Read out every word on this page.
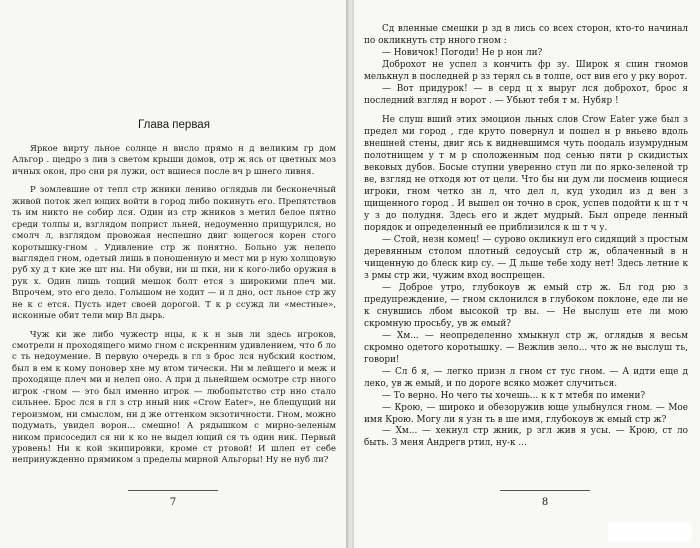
Глава первая

Яркое вирту льное солнце н вислo прямо н д великим гр дом Альгор . щедро з лив з светом крыши домов, отр ж ясь от цветных моз ичных окон, про сни ря лужи, ост вшиеся после вч р шнего ливня.

Р зомлевшие от тепл стр жники лениво оглядыв ли бесконечный живой поток жел ющих войти в город либо покинуть его. Препятствов ть им никто не собир лся. Один из стр жников з метил белое пятно среди толпы и, взглядом поприст льней, недоуменно прищурился, но смолч л, взглядом провожая неспешно двиг ющегося корен стого коротышку-гном . Удивление стр ж понятно. Больно уж нелепо выглядел гном, одетый лишь в поношенную и мест ми р ную холщовую руб ху д т кие же шт ны. Ни обуви, ни ш пки, ни к кого-либо оружия в рук х. Один лишь тощий мешок болт ется з широкими плеч ми. Впрочем, это его дело. Голышом не ходит — и л дно, ост льное стр жу не к с ется. Пусть идет своей дорогой. Т к р ссужд ли «местные», исконные обит тели мир Вл дырь.

Чуж ки же либо чужестр нцы, к к н зыв ли здесь игроков, смотрели н проходящего мимо гном с искренним удивлением, что б ло с ть недоумение. В первую очередь в гл з брос лся нубский костюм, был в ем к кому поновер хне му втом тически. Ни м лейшего и меж и проходяще плеч ми и нелеп оно. А при д льнейшем осмотре стр нного игрок -гном — это был именно игрок — любопытство стр нно стало сильнее. Брос лся в гл з стр нный ник «Crow Eater», не блещущий ни героизмом, ни смыслом, ни д же оттенком экзотичности. Гном, можно подумать, увидел ворон... смешно! А рядышком с мирно-зеленым ником присоседил ся ни к ко не выдел ющий ся ть один ник. Первый уровень! Ни к кой экипировки, кроме ст ртовой! И шлеп ет себе непринужденно прямиком з пределы мирной Альгоры! Ну не нуб ли?

7

Сд вленные смешки р зд в лись со всех сторон, кто-то начинал по окликнуть стр нного гном :

— Новичок! Погоди! Не р нон ли?

Доброхот не успел з кончить фр зу. Широк я спин гномов мелькнул в последней р зз терял сь в толпе, ост вив его у рку ворот.

— Вот придурок! — в серд ц х выруг лся доброхот, брос я последний взгляд н ворот . — Убьют тебя т м. Нубяр !

Не слуш вший этих эмоцион льных слов Crow Eater уже был з предел ми город , где круто повернул и пошел н р вньево вдоль внешней стены, двиг ясь к видневшимся чуть поодаль изумрудным полотнищем у т м р сположенным под сенью пяти р скидистых вековых дубов. Босые ступни уверенно ступ ли по ярко-зеленой тр ве, взгляд не отходя ют от цели. Что бы ни дум ли посмеив ющиеся игроки, гном четко зн л, что дел л, куд уходил из д вен з щищенного город . И вышел он точно в срок, успев подойти к ш т ч у з до полудня. Здесь его и ждет мудрый. Был опреде ленный порядок и определенный ее приблизился к ш т ч у.

— Стой, незн комец! — сурово окликнул его сидящий з простым деревянным столом плотный седоусый стр ж, облаченный в н чищенную до блеск кир су. — Д льше тебе ходу нет! Здесь летние к з рмы стр жи, чужим вход воспрещен.

— Доброе утро, глубокоув ж емый стр ж. Бл год рю з предупреждение, — гном склонился в глубоком поклоне, еде ли не к снувшись лбом высокой тр вы. — Не выслуш ете ли мою скромную просьбу, ув ж емый?

— Хм... — неопределенно хмыкнул стр ж, оглядыв я весьм скромно одетого коротышку. — Вежлив зело... что ж не выслуш ть, говори!

— Сл б я, — легко призн л гном ст тус гном. — А идти еще д леко, ув ж емый, и по дороге всяко может случиться.

— То верно. Но чего ты хочешь... к к т мтебя по имени?

— Крою, — широко и обезоружив юще улыбнулся гном. — Мое имя Крою. Могу ли я узн ть в ше имя, глубокоув ж емый стр ж?

— Хм... — хекнул стр жник, р згл жив я усы. — Крою, ст ло быть. З меня Андрегв ртил, ну-к ...

8
